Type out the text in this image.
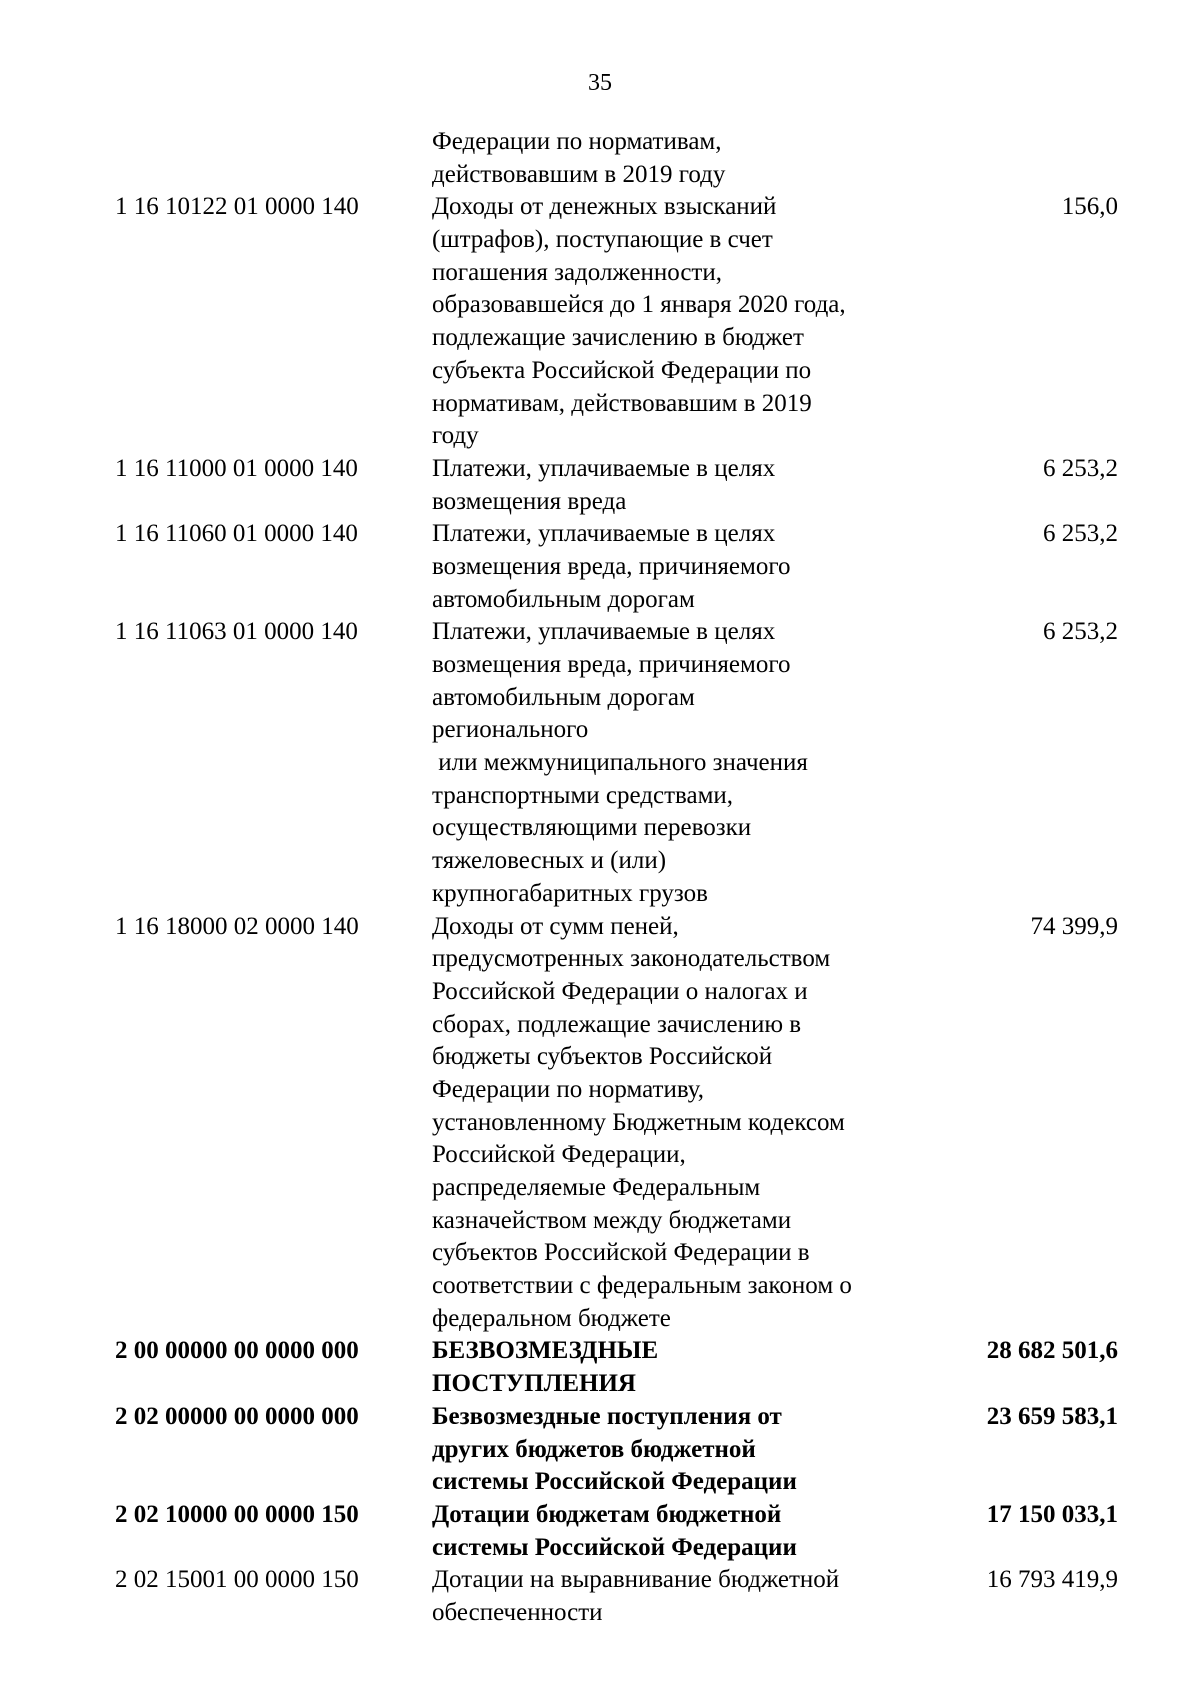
35
Федерации по нормативам,
действовавшим в 2019 году
1 16 10122 01 0000 140	Доходы от денежных взысканий
(штрафов), поступающие в счет
погашения задолженности,
образовавшейся до 1 января 2020 года,
подлежащие зачислению в бюджет
субъекта Российской Федерации по
нормативам, действовавшим в 2019
году
156,0
1 16 11000 01 0000 140	Платежи, уплачиваемые в целях
возмещения вреда
6 253,2
1 16 11060 01 0000 140	Платежи, уплачиваемые в целях
возмещения вреда, причиняемого
автомобильным дорогам
6 253,2
1 16 11063 01 0000 140	Платежи, уплачиваемые в целях
возмещения вреда, причиняемого
автомобильным дорогам
регионального
или межмуниципального значения
транспортными средствами,
осуществляющими перевозки
тяжеловесных и (или)
крупногабаритных грузов
6 253,2
1 16 18000 02 0000 140	Доходы от сумм пеней,
предусмотренных законодательством
Российской Федерации о налогах и
сборах, подлежащие зачислению в
бюджеты субъектов Российской
Федерации по нормативу,
установленному Бюджетным кодексом
Российской Федерации,
распределяемые Федеральным
казначейством между бюджетами
субъектов Российской Федерации в
соответствии с федеральным законом о
федеральном бюджете
74 399,9
2 00 00000 00 0000 000	БЕЗВОЗМЕЗДНЫЕ
ПОСТУПЛЕНИЯ
28 682 501,6
2 02 00000 00 0000 000	Безвозмездные поступления от
других бюджетов бюджетной
системы Российской Федерации
23 659 583,1
2 02 10000 00 0000 150	Дотации бюджетам бюджетной
системы Российской Федерации
17 150 033,1
2 02 15001 00 0000 150	Дотации на выравнивание бюджетной
обеспеченности
16 793 419,9
